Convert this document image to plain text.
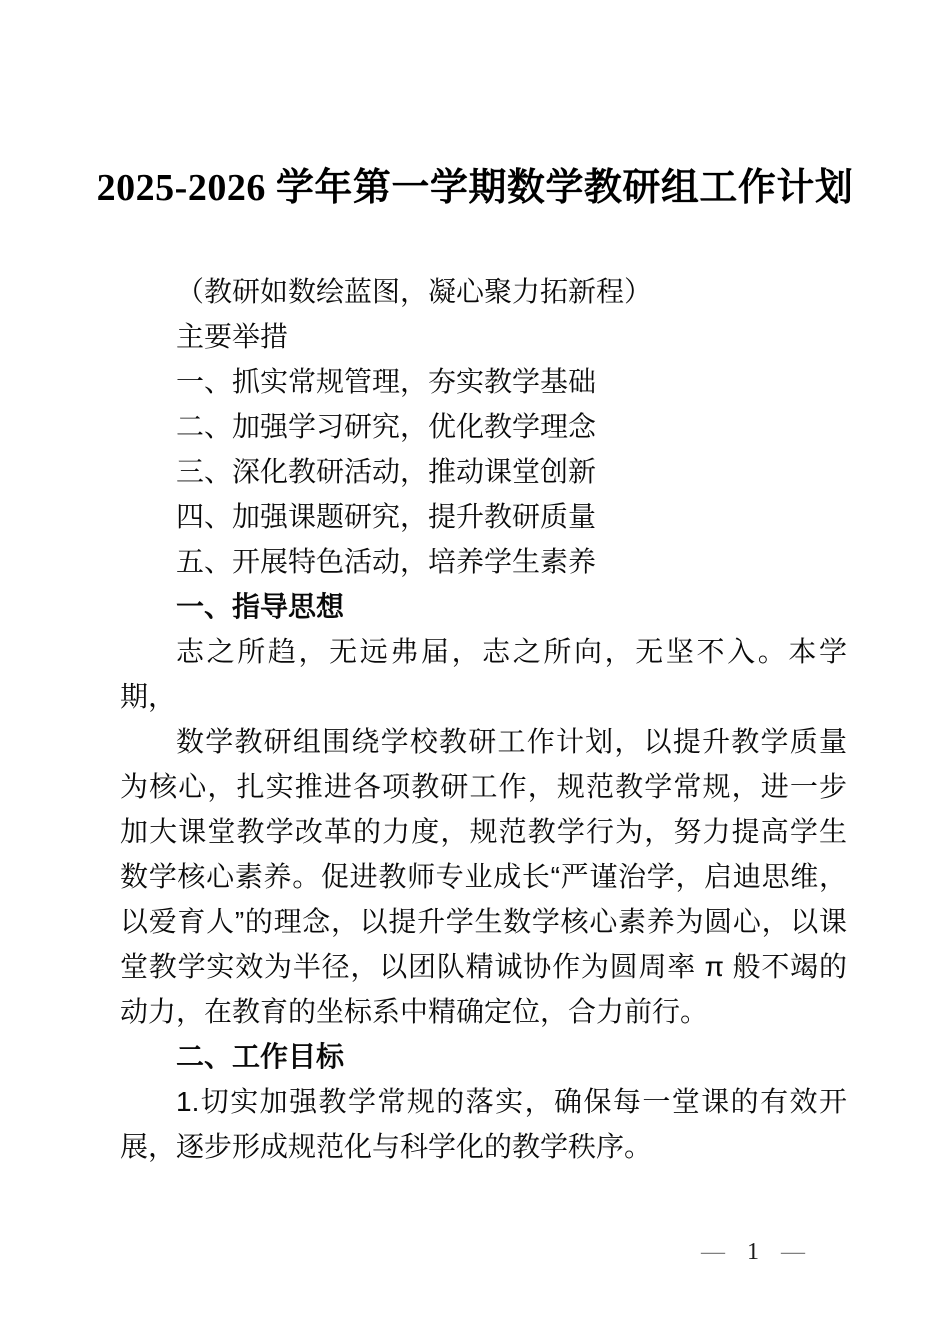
2025-2026 学年第一学期数学教研组工作计划

（教研如数绘蓝图，凝心聚力拓新程）

主要举措

一、抓实常规管理，夯实教学基础

二、加强学习研究，优化教学理念

三、深化教研活动，推动课堂创新

四、加强课题研究，提升教研质量

五、开展特色活动，培养学生素养

一、指导思想

志之所趋，无远弗届，志之所向，无坚不入。本学期，

数学教研组围绕学校教研工作计划，以提升教学质量为核心，扎实推进各项教研工作，规范教学常规，进一步加大课堂教学改革的力度，规范教学行为，努力提高学生数学核心素养。促进教师专业成长“严谨治学，启迪思维，以爱育人”的理念，以提升学生数学核心素养为圆心，以课堂教学实效为半径，以团队精诚协作为圆周率 π 般不竭的动力，在教育的坐标系中精确定位，合力前行。

二、工作目标

1.切实加强教学常规的落实，确保每一堂课的有效开展，逐步形成规范化与科学化的教学秩序。

— 1 —
